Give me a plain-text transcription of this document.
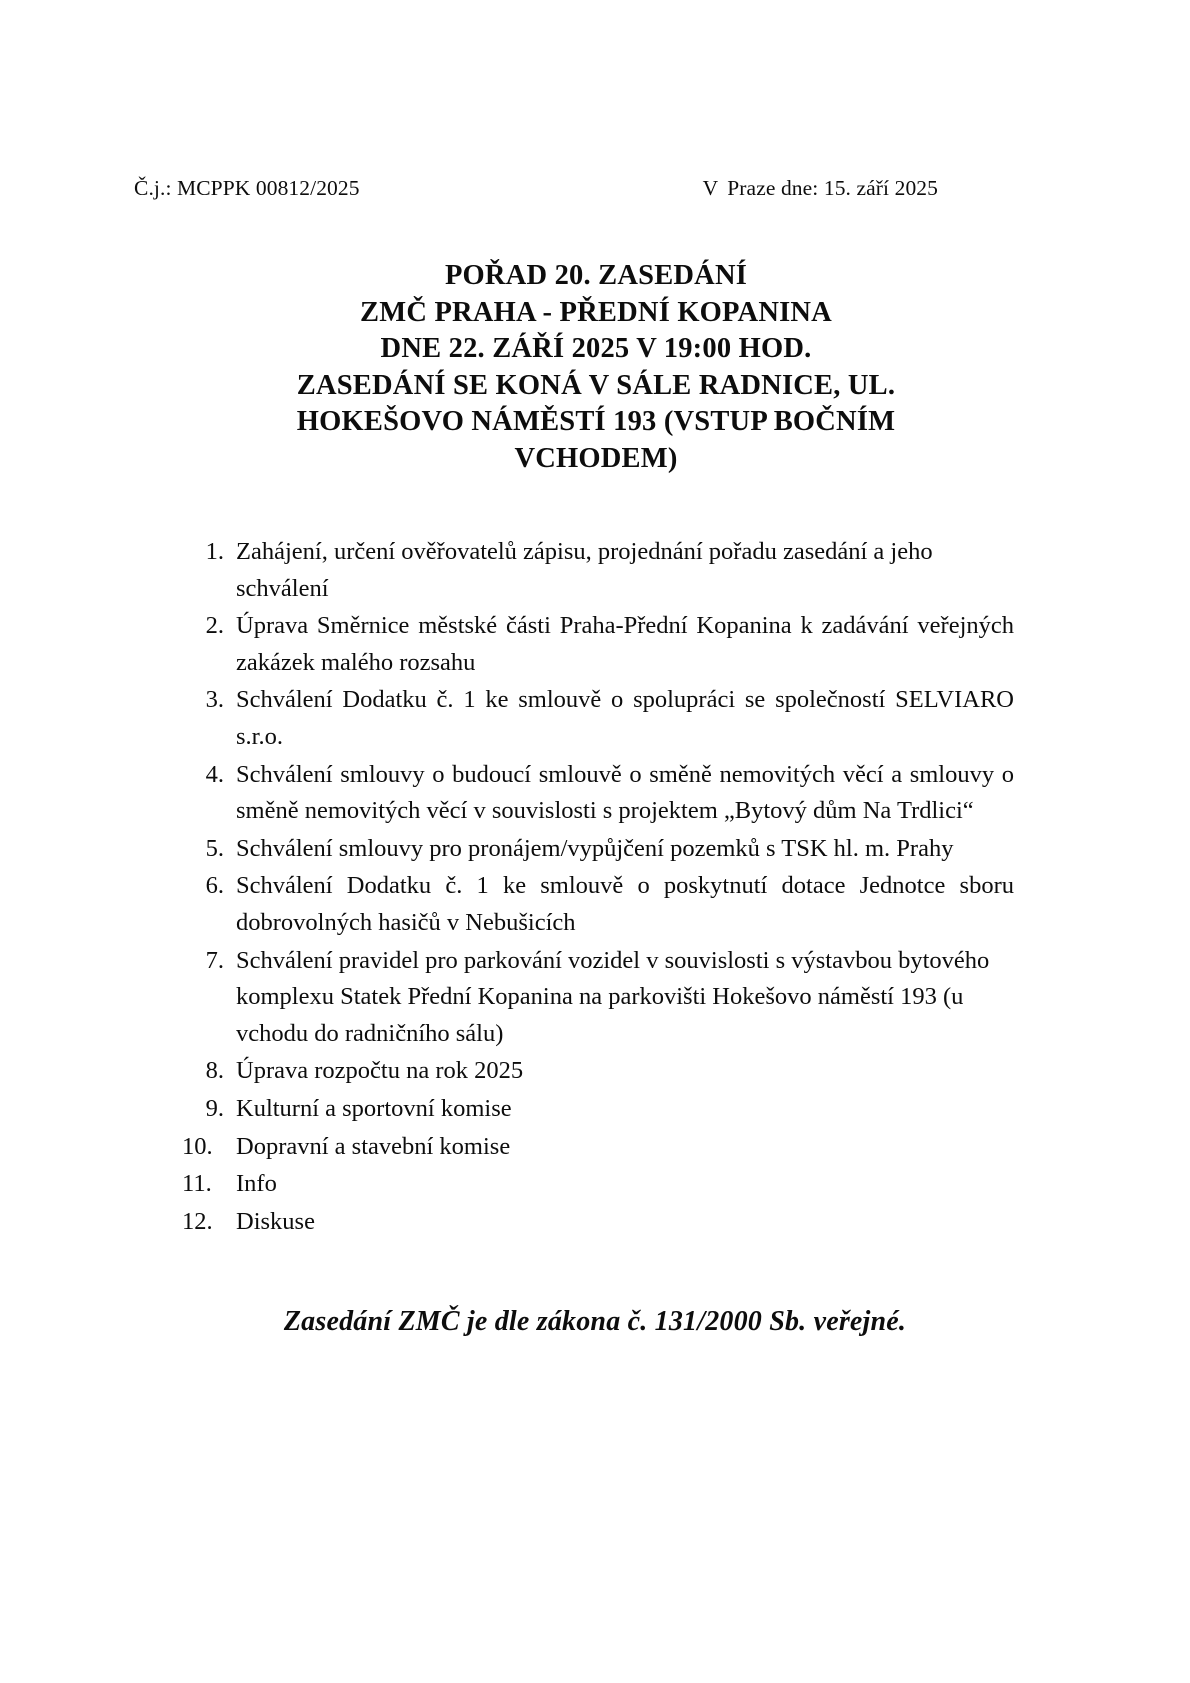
Č.j.: MCPPK 00812/2025	V Praze dne: 15. září 2025
POŘAD 20. ZASEDÁNÍ
ZMČ PRAHA - PŘEDNÍ KOPANINA
DNE 22. ZÁŘÍ 2025 V 19:00 HOD.
ZASEDÁNÍ SE KONÁ V SÁLE RADNICE, UL.
HOKEŠOVO NÁMĚSTÍ 193 (VSTUP BOČNÍM
VCHODEM)
1. Zahájení, určení ověřovatelů zápisu, projednání pořadu zasedání a jeho schválení
2. Úprava Směrnice městské části Praha-Přední Kopanina k zadávání veřejných zakázek malého rozsahu
3. Schválení Dodatku č. 1 ke smlouvě o spolupráci se společností SELVIARO s.r.o.
4. Schválení smlouvy o budoucí smlouvě o směně nemovitých věcí a smlouvy o směně nemovitých věcí v souvislosti s projektem „Bytový dům Na Trdlici“
5. Schválení smlouvy pro pronájem/vypůjčení pozemků s TSK hl. m. Prahy
6. Schválení Dodatku č. 1 ke smlouvě o poskytnutí dotace Jednotce sboru dobrovolných hasičů v Nebušicích
7. Schválení pravidel pro parkování vozidel v souvislosti s výstavbou bytového komplexu Statek Přední Kopanina na parkovišti Hokešovo náměstí 193 (u vchodu do radničního sálu)
8. Úprava rozpočtu na rok 2025
9. Kulturní a sportovní komise
10. Dopravní a stavební komise
11. Info
12. Diskuse
Zasedání ZMČ je dle zákona č. 131/2000 Sb. veřejné.
